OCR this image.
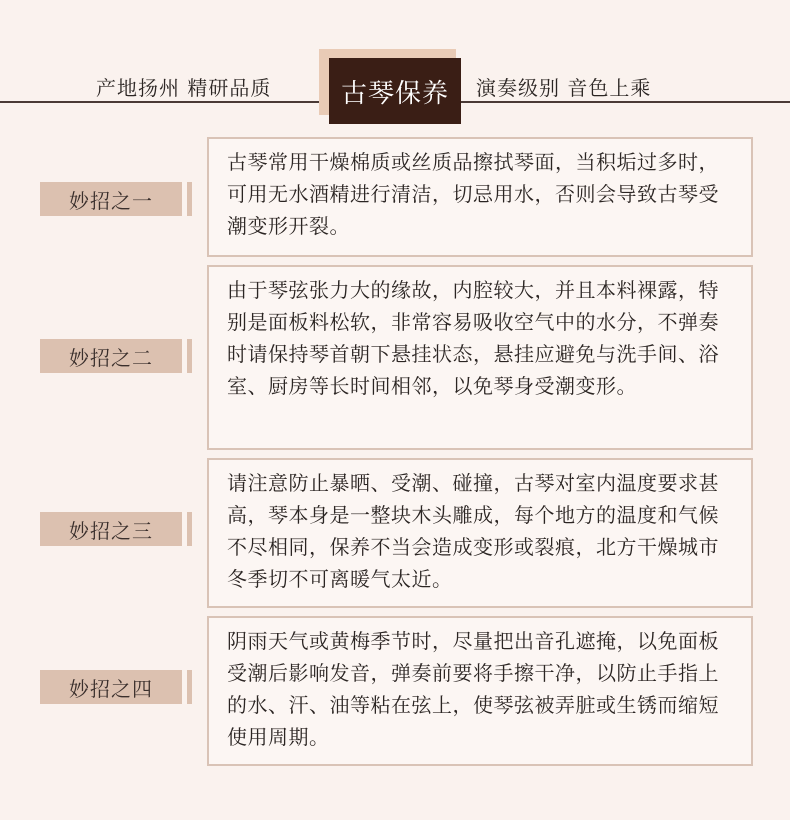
产地扬州 精研品质	古琴保养	演奏级别 音色上乘
妙招之一
古琴常用干燥棉质或丝质品擦拭琴面，当积垢过多时，可用无水酒精进行清洁，切忌用水，否则会导致古琴受潮变形开裂。
妙招之二
由于琴弦张力大的缘故，内腔较大，并且本料裸露，特别是面板料松软，非常容易吸收空气中的水分，不弹奏时请保持琴首朝下悬挂状态，悬挂应避免与洗手间、浴室、厨房等长时间相邻，以免琴身受潮变形。
妙招之三
请注意防止暴晒、受潮、碰撞，古琴对室内温度要求甚高，琴本身是一整块木头雕成，每个地方的温度和气候不尽相同，保养不当会造成变形或裂痕，北方干燥城市冬季切不可离暖气太近。
妙招之四
阴雨天气或黄梅季节时，尽量把出音孔遮掩，以免面板受潮后影响发音，弹奏前要将手擦干净，以防止手指上的水、汗、油等粘在弦上，使琴弦被弄脏或生锈而缩短使用周期。
